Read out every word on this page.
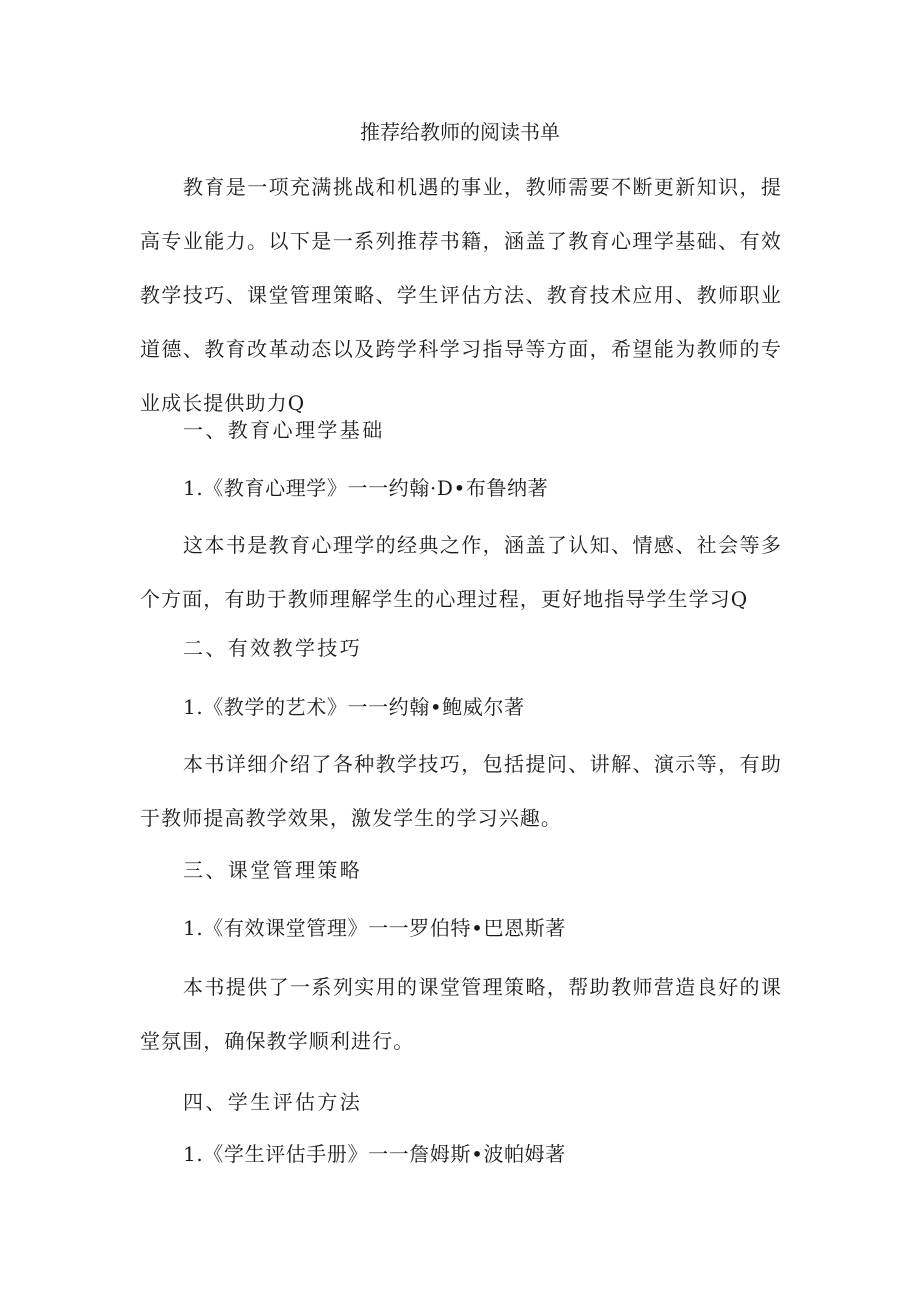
推荐给教师的阅读书单

教育是一项充满挑战和机遇的事业，教师需要不断更新知识，提高专业能力。以下是一系列推荐书籍，涵盖了教育心理学基础、有效教学技巧、课堂管理策略、学生评估方法、教育技术应用、教师职业道德、教育改革动态以及跨学科学习指导等方面，希望能为教师的专业成长提供助力Q

一、教育心理学基础

1.《教育心理学》一一约翰·D•布鲁纳著

这本书是教育心理学的经典之作，涵盖了认知、情感、社会等多个方面，有助于教师理解学生的心理过程，更好地指导学生学习Q

二、有效教学技巧

1.《教学的艺术》一一约翰•鲍威尔著

本书详细介绍了各种教学技巧，包括提问、讲解、演示等，有助于教师提高教学效果，激发学生的学习兴趣。

三、课堂管理策略

1.《有效课堂管理》一一罗伯特•巴恩斯著

本书提供了一系列实用的课堂管理策略，帮助教师营造良好的课堂氛围，确保教学顺利进行。

四、学生评估方法

1.《学生评估手册》一一詹姆斯•波帕姆著
